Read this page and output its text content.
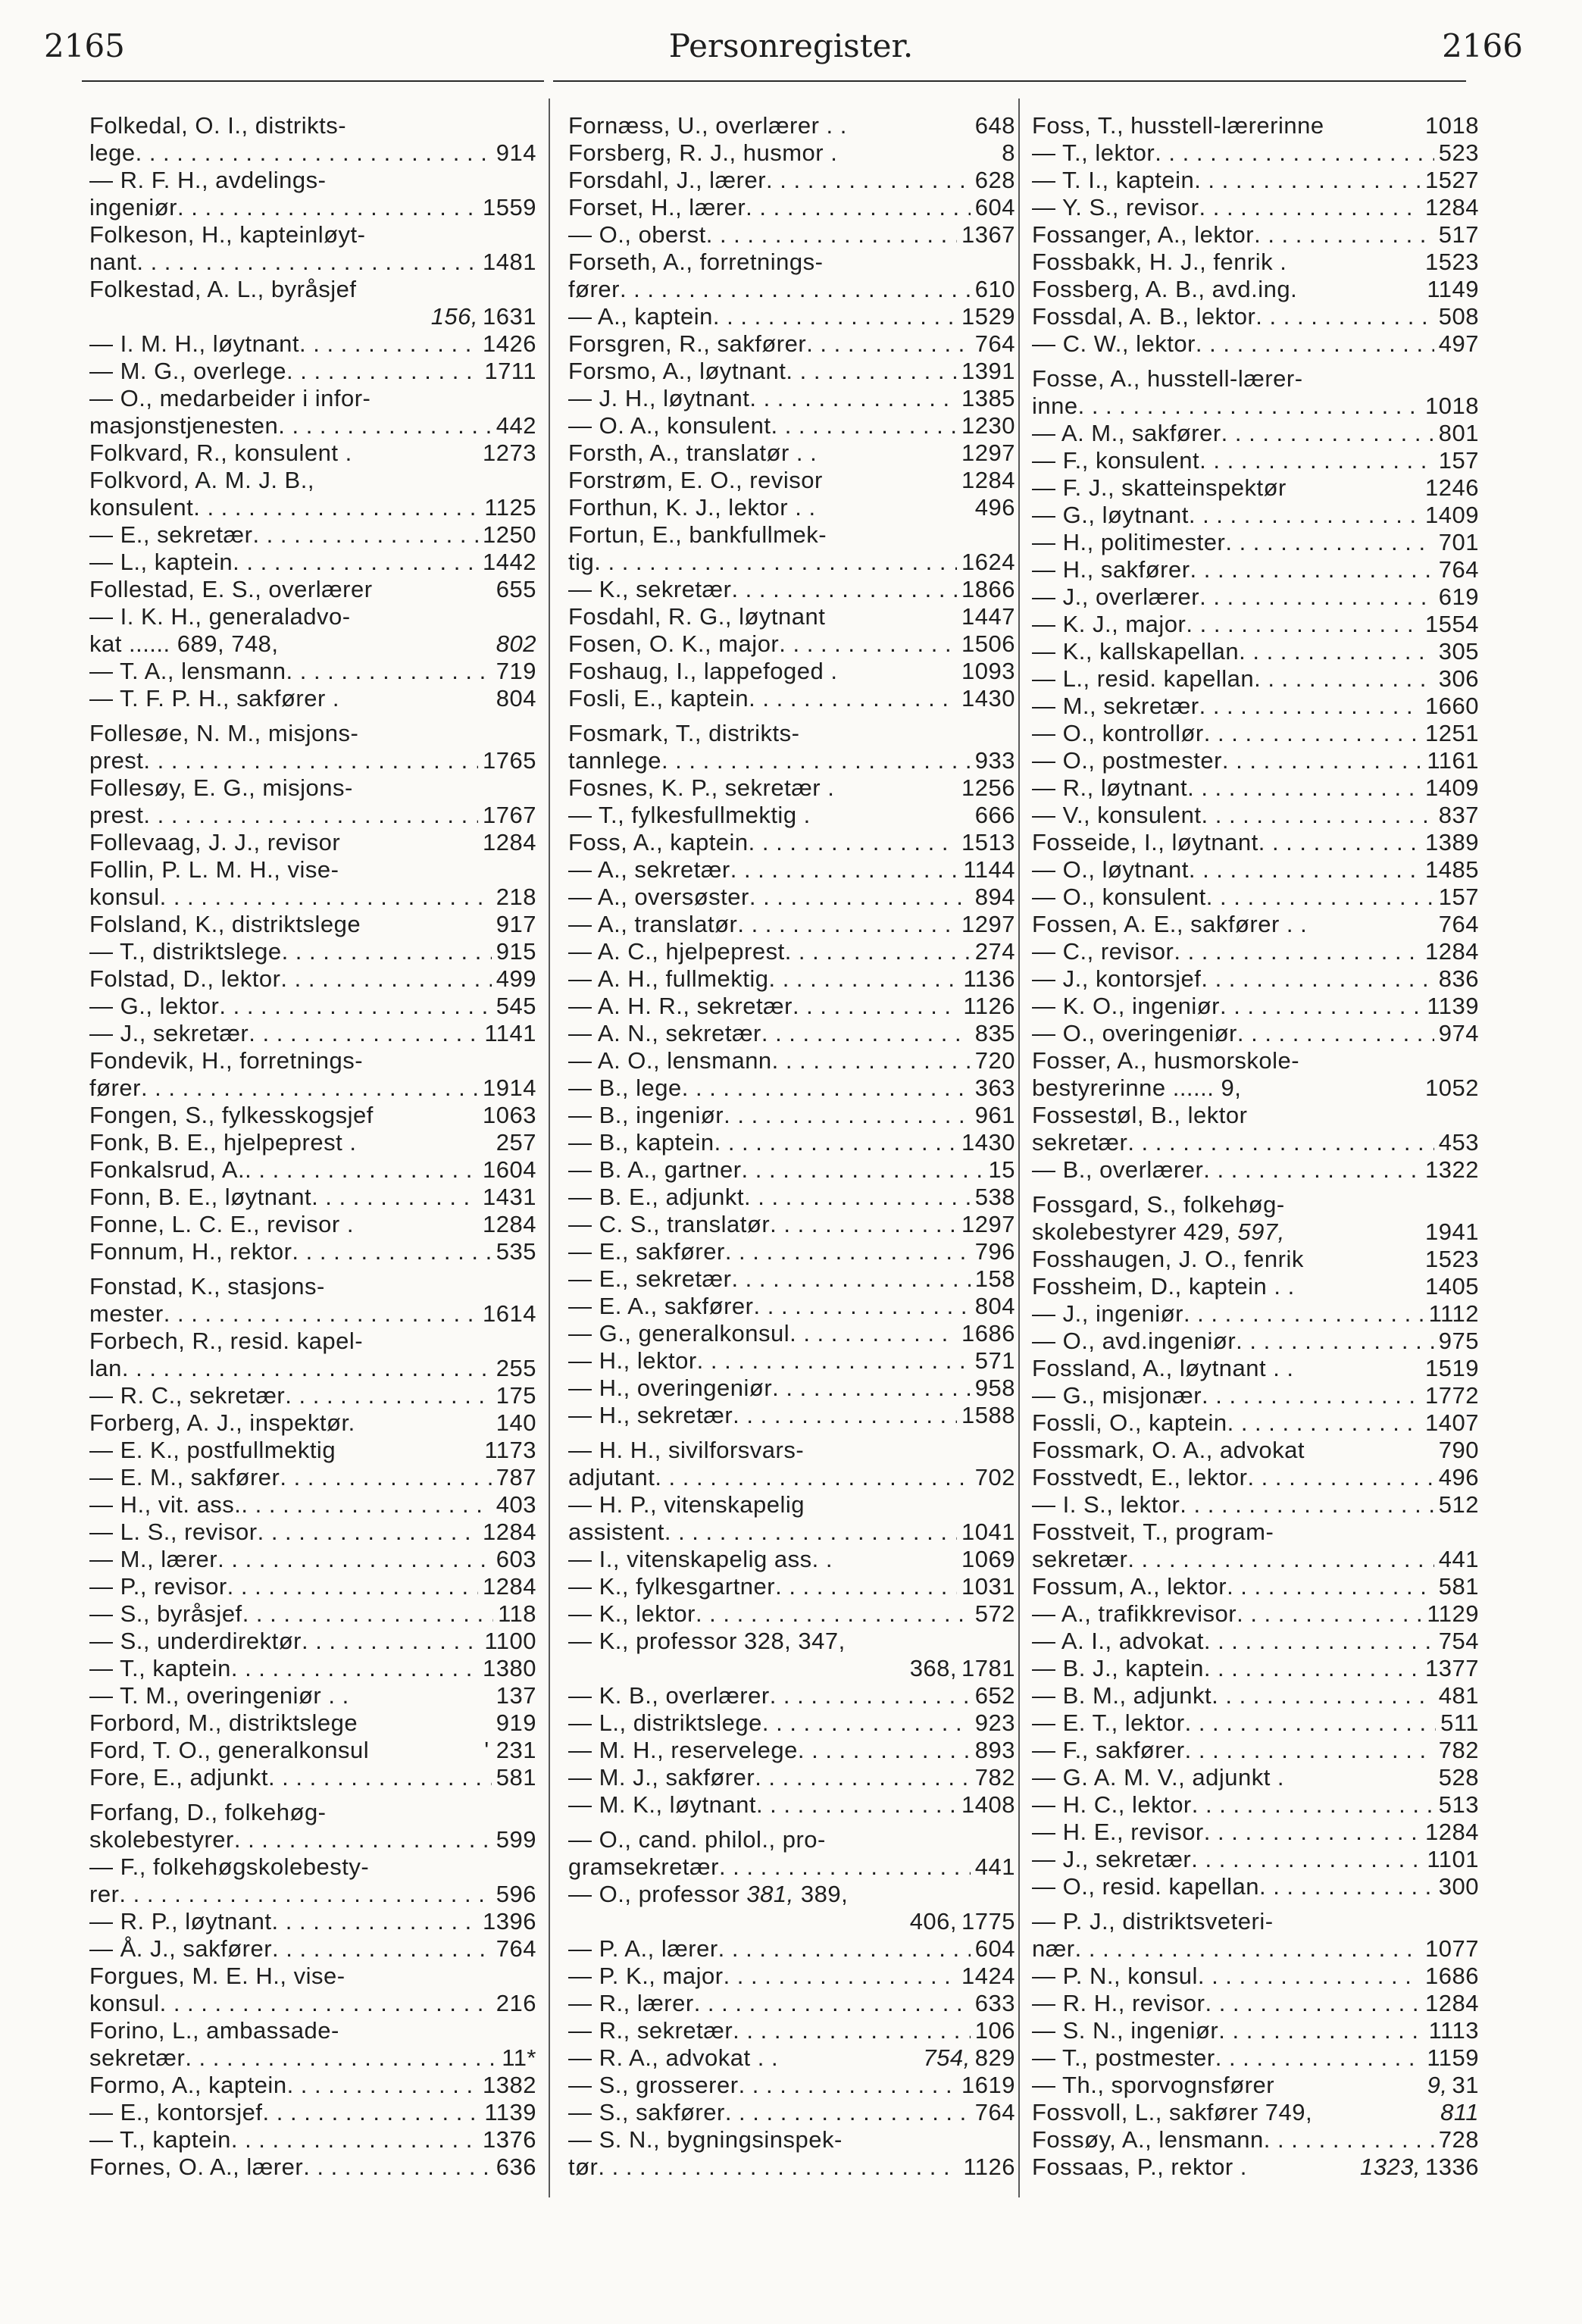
2165	Personregister.	2166
Folkedal, O. I., distrikts-
lege . . .	914
— R. F. H., avdelings-
ingeniør . . .	1559
Folkeson, H., kapteinløyt-
nant . . .	1481
Folkestad, A. L., byråsjef
156, 1631
— I. M. H., løytnant . . .	1426
— M. G., overlege . . .	1711
— O., medarbeider i infor-
masjonstjenesten . . .	442
Folkvard, R., konsulent .	1273
Folkvord, A. M. J. B.,
konsulent . . .	1125
— E., sekretær . . .	1250
— L., kaptein . . .	1442
Follestad, E. S., overlærer	655
— I. K. H., generaladvo-
kat ...... 689, 748,	802
— T. A., lensmann . . .	719
— T. F. P. H., sakfører .	804
Follesøe, N. M., misjons-
prest . . .	1765
Follesøy, E. G., misjons-
prest . . .	1767
Follevaag, J. J., revisor	1284
Follin, P. L. M. H., vise-
konsul . . .	218
Folsland, K., distriktslege	917
— T., distriktslege . . .	915
Folstad, D., lektor . . .	499
— G., lektor . . .	545
— J., sekretær . . .	1141
Fondevik, H., forretnings-
fører . . .	1914
Fongen, S., fylkesskogsjef	1063
Fonk, B. E., hjelpeprest .	257
Fonkalsrud, A. . . .	1604
Fonn, B. E., løytnant . . .	1431
Fonne, L. C. E., revisor .	1284
Fonnum, H., rektor . . .	535
Fonstad, K., stasjons-
mester . . .	1614
Forbech, R., resid. kapel-
lan . . .	255
— R. C., sekretær . . .	175
Forberg, A. J., inspektør.	140
— E. K., postfullmektig	1173
— E. M., sakfører . . .	787
— H., vit. ass. . . .	403
— L. S., revisor . . .	1284
— M., lærer . . .	603
— P., revisor . . .	1284
— S., byråsjef . . .	118
— S., underdirektør . . .	1100
— T., kaptein . . .	1380
— T. M., overingeniør . .	137
Forbord, M., distriktslege	919
Ford, T. O., generalkonsul	' 231
Fore, E., adjunkt . . .	581
Forfang, D., folkehøg-
skolebestyrer . . .	599
— F., folkehøgskolebesty-
rer . . .	596
— R. P., løytnant . . .	1396
— Å. J., sakfører . . .	764
Forgues, M. E. H., vise-
konsul . . .	216
Forino, L., ambassade-
sekretær . . .	11*
Formo, A., kaptein . . .	1382
— E., kontorsjef . . .	1139
— T., kaptein . . .	1376
Fornes, O. A., lærer . . .	636
Fornæss, U., overlærer . .	648
Forsberg, R. J., husmor .	8
Forsdahl, J., lærer . . .	628
Forset, H., lærer . . .	604
— O., oberst . . .	1367
Forseth, A., forretnings-
fører . . .	610
— A., kaptein . . .	1529
Forsgren, R., sakfører . . .	764
Forsmo, A., løytnant . . .	1391
— J. H., løytnant . . .	1385
— O. A., konsulent . . .	1230
Forsth, A., translatør . .	1297
Forstrøm, E. O., revisor	1284
Forthun, K. J., lektor . .	496
Fortun, E., bankfullmek-
tig . . .	1624
— K., sekretær . . .	1866
Fosdahl, R. G., løytnant	1447
Fosen, O. K., major . . .	1506
Foshaug, I., lappefoged .	1093
Fosli, E., kaptein . . .	1430
Fosmark, T., distrikts-
tannlege . . .	933
Fosnes, K. P., sekretær .	1256
— T., fylkesfullmektig .	666
Foss, A., kaptein . . .	1513
— A., sekretær . . .	1144
— A., oversøster . . .	894
— A., translatør . . .	1297
— A. C., hjelpeprest . . .	274
— A. H., fullmektig . . .	1136
— A. H. R., sekretær . . .	1126
— A. N., sekretær . . .	835
— A. O., lensmann . . .	720
— B., lege . . .	363
— B., ingeniør . . .	961
— B., kaptein . . .	1430
— B. A., gartner . . .	15
— B. E., adjunkt . . .	538
— C. S., translatør . . .	1297
— E., sakfører . . .	796
— E., sekretær . . .	158
— E. A., sakfører . . .	804
— G., generalkonsul . . .	1686
— H., lektor . . .	571
— H., overingeniør . . .	958
— H., sekretær . . .	1588
— H. H., sivilforsvars-
adjutant . . .	702
— H. P., vitenskapelig
assistent . . .	1041
— I., vitenskapelig ass. .	1069
— K., fylkesgartner . . .	1031
— K., lektor . . .	572
— K., professor 328, 347,
368, 1781
— K. B., overlærer . . .	652
— L., distriktslege . . .	923
— M. H., reservelege . . .	893
— M. J., sakfører . . .	782
— M. K., løytnant . . .	1408
— O., cand. philol., pro-
gramsekretær . . .	441
— O., professor 381, 389,
406, 1775
— P. A., lærer . . .	604
— P. K., major . . .	1424
— R., lærer . . .	633
— R., sekretær . . .	106
— R. A., advokat . .	754, 829
— S., grosserer . . .	1619
— S., sakfører . . .	764
— S. N., bygningsinspek-
tør . . .	1126
Foss, T., husstell-lærerinne	1018
— T., lektor . . .	523
— T. I., kaptein . . .	1527
— Y. S., revisor . . .	1284
Fossanger, A., lektor . . .	517
Fossbakk, H. J., fenrik .	1523
Fossberg, A. B., avd.ing.	1149
Fossdal, A. B., lektor . . .	508
— C. W., lektor . . .	497
Fosse, A., husstell-lærer-
inne . . .	1018
— A. M., sakfører . . .	801
— F., konsulent . . .	157
— F. J., skatteinspektør	1246
— G., løytnant . . .	1409
— H., politimester . . .	701
— H., sakfører . . .	764
— J., overlærer . . .	619
— K. J., major . . .	1554
— K., kallskapellan . . .	305
— L., resid. kapellan . . .	306
— M., sekretær . . .	1660
— O., kontrollør . . .	1251
— O., postmester . . .	1161
— R., løytnant . . .	1409
— V., konsulent . . .	837
Fosseide, I., løytnant . . .	1389
— O., løytnant . . .	1485
— O., konsulent . . .	157
Fossen, A. E., sakfører . .	764
— C., revisor . . .	1284
— J., kontorsjef . . .	836
— K. O., ingeniør . . .	1139
— O., overingeniør . . .	974
Fosser, A., husmorskole-
bestyrerinne ...... 9,	1052
Fossestøl, B., lektor
sekretær . . .	453
— B., overlærer . . .	1322
Fossgard, S., folkehøg-
skolebestyrer 429, 597,	1941
Fosshaugen, J. O., fenrik	1523
Fossheim, D., kaptein . .	1405
— J., ingeniør . . .	1112
— O., avd.ingeniør . . .	975
Fossland, A., løytnant . .	1519
— G., misjonær . . .	1772
Fossli, O., kaptein . . .	1407
Fossmark, O. A., advokat	790
Fosstvedt, E., lektor . . .	496
— I. S., lektor . . .	512
Fosstveit, T., program-
sekretær . . .	441
Fossum, A., lektor . . .	581
— A., trafikkrevisor . . .	1129
— A. I., advokat . . .	754
— B. J., kaptein . . .	1377
— B. M., adjunkt . . .	481
— E. T., lektor . . .	511
— F., sakfører . . .	782
— G. A. M. V., adjunkt .	528
— H. C., lektor . . .	513
— H. E., revisor . . .	1284
— J., sekretær . . .	1101
— O., resid. kapellan . . .	300
— P. J., distriktsveteri-
nær . . .	1077
— P. N., konsul . . .	1686
— R. H., revisor . . .	1284
— S. N., ingeniør . . .	1113
— T., postmester . . .	1159
— Th., sporvognsfører	9, 31
Fossvoll, L., sakfører 749,	811
Fossøy, A., lensmann . . .	728
Fossaas, P., rektor .	1323, 1336
